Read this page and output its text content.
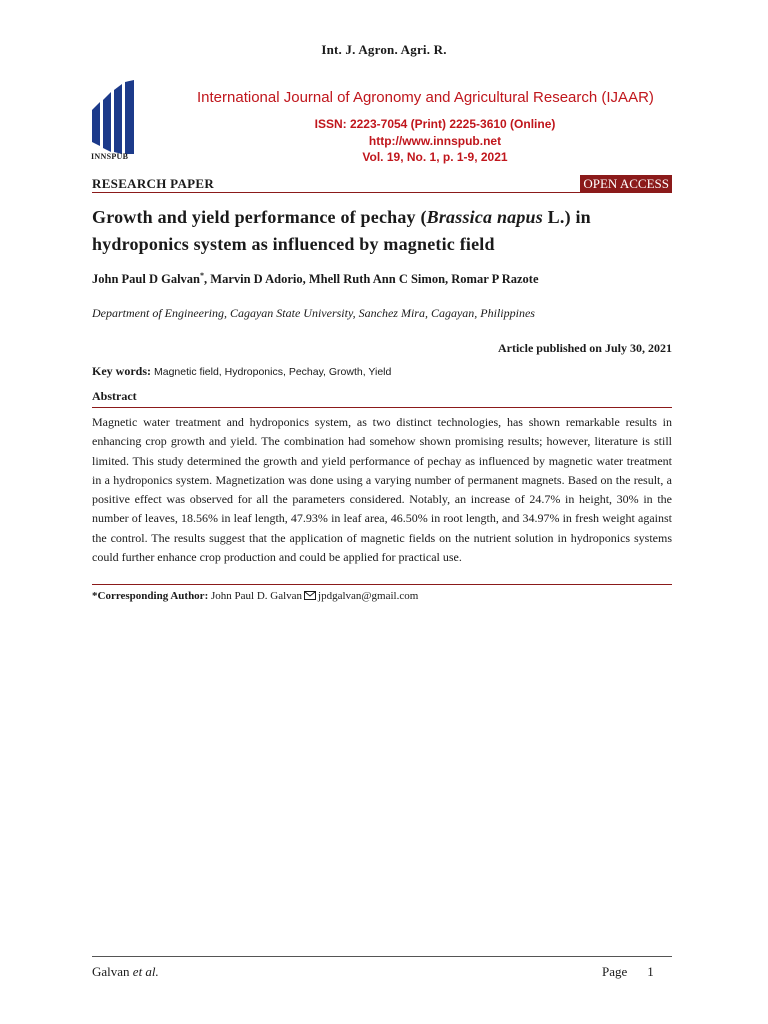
Int. J. Agron. Agri. R.
INNSPUB
International Journal of Agronomy and Agricultural Research (IJAAR)
ISSN: 2223-7054 (Print) 2225-3610 (Online)
http://www.innspub.net
Vol. 19, No. 1, p. 1-9, 2021
RESEARCH PAPER	OPEN ACCESS
Growth and yield performance of pechay (Brassica napus L.) in hydroponics system as influenced by magnetic field
John Paul D Galvan*, Marvin D Adorio, Mhell Ruth Ann C Simon, Romar P Razote
Department of Engineering, Cagayan State University, Sanchez Mira, Cagayan, Philippines
Article published on July 30, 2021
Key words: Magnetic field, Hydroponics, Pechay, Growth, Yield
Abstract
Magnetic water treatment and hydroponics system, as two distinct technologies, has shown remarkable results in enhancing crop growth and yield. The combination had somehow shown promising results; however, literature is still limited. This study determined the growth and yield performance of pechay as influenced by magnetic water treatment in a hydroponics system. Magnetization was done using a varying number of permanent magnets. Based on the result, a positive effect was observed for all the parameters considered. Notably, an increase of 24.7% in height, 30% in the number of leaves, 18.56% in leaf length, 47.93% in leaf area, 46.50% in root length, and 34.97% in fresh weight against the control. The results suggest that the application of magnetic fields on the nutrient solution in hydroponics systems could further enhance crop production and could be applied for practical use.
*Corresponding Author: John Paul D. Galvan jpdgalvan@gmail.com
Galvan et al.	Page 1
